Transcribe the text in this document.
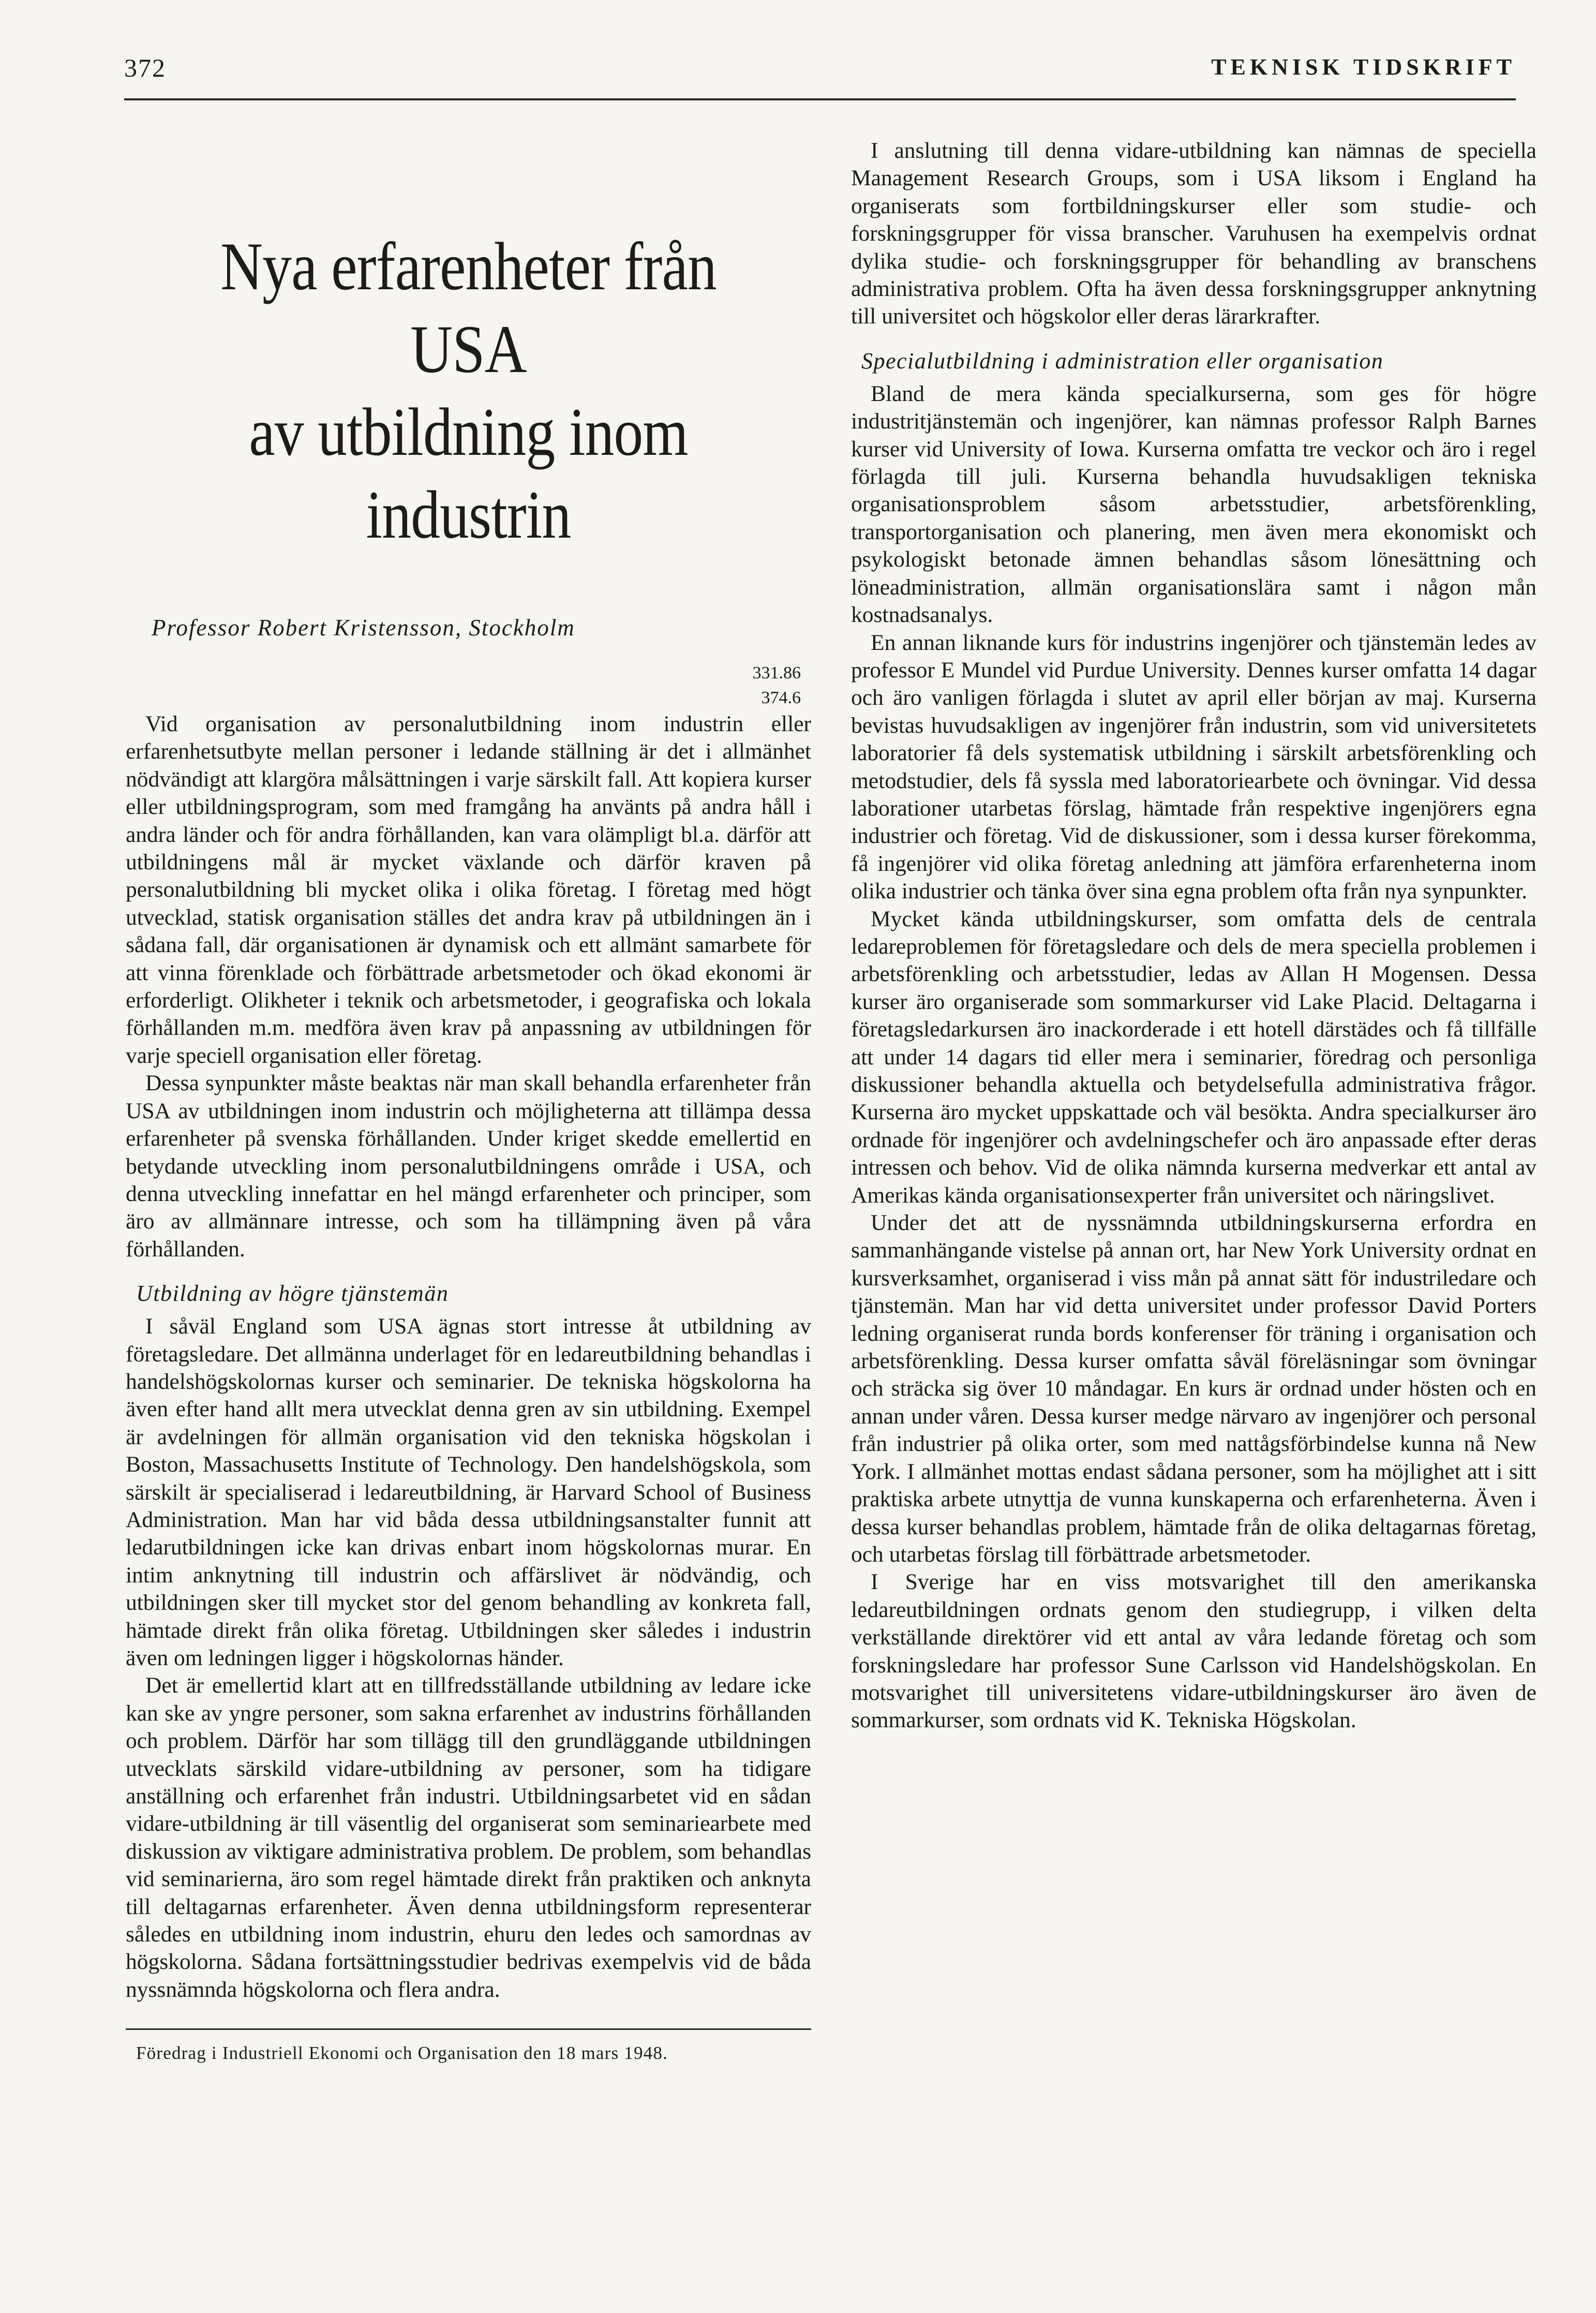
372	TEKNISK TIDSKRIFT
Nya erfarenheter från USA
av utbildning inom industrin
Professor Robert Kristensson, Stockholm
331.86
374.6

Vid organisation av personalutbildning inom industrin eller erfarenhetsutbyte mellan personer i ledande ställning är det i allmänhet nödvändigt att klargöra målsättningen i varje särskilt fall. Att kopiera kurser eller utbildningsprogram, som med framgång ha använts på andra håll i andra länder och för andra förhållanden, kan vara olämpligt bl.a. därför att utbildningens mål är mycket växlande och därför kraven på personalutbildning bli mycket olika i olika företag. I företag med högt utvecklad, statisk organisation ställes det andra krav på utbildningen än i sådana fall, där organisationen är dynamisk och ett allmänt samarbete för att vinna förenklade och förbättrade arbetsmetoder och ökad ekonomi är erforderligt. Olikheter i teknik och arbetsmetoder, i geografiska och lokala förhållanden m.m. medföra även krav på anpassning av utbildningen för varje speciell organisation eller företag.

Dessa synpunkter måste beaktas när man skall behandla erfarenheter från USA av utbildningen inom industrin och möjligheterna att tillämpa dessa erfarenheter på svenska förhållanden. Under kriget skedde emellertid en betydande utveckling inom personalutbildningens område i USA, och denna utveckling innefattar en hel mängd erfarenheter och principer, som äro av allmännare intresse, och som ha tillämpning även på våra förhållanden.

Utbildning av högre tjänstemän

I såväl England som USA ägnas stort intresse åt utbildning av företagsledare. Det allmänna underlaget för en ledareutbildning behandlas i handelshögskolornas kurser och seminarier. De tekniska högskolorna ha även efter hand allt mera utvecklat denna gren av sin utbildning. Exempel är avdelningen för allmän organisation vid den tekniska högskolan i Boston, Massachusetts Institute of Technology. Den handelshögskola, som särskilt är specialiserad i ledareutbildning, är Harvard School of Business Administration. Man har vid båda dessa utbildningsanstalter funnit att ledarutbildningen icke kan drivas enbart inom högskolornas murar. En intim anknytning till industrin och affärslivet är nödvändig, och utbildningen sker till mycket stor del genom behandling av konkreta fall, hämtade direkt från olika företag. Utbildningen sker således i industrin även om ledningen ligger i högskolornas händer.

Det är emellertid klart att en tillfredsställande utbildning av ledare icke kan ske av yngre personer, som sakna erfarenhet av industrins förhållanden och problem. Därför har som tillägg till den grundläggande utbildningen utvecklats särskild vidare-utbildning av personer, som ha tidigare anställning och erfarenhet från industri. Utbildningsarbetet vid en sådan vidare-utbildning är till väsentlig del organiserat som seminariearbete med diskussion av viktigare administrativa problem. De problem, som behandlas vid seminarierna, äro som regel hämtade direkt från praktiken och anknyta till deltagarnas erfarenheter. Även denna utbildningsform representerar således en utbildning inom industrin, ehuru den ledes och samordnas av högskolorna. Sådana fortsättningsstudier bedrivas exempelvis vid de båda nyssnämnda högskolorna och flera andra.

Föredrag i Industriell Ekonomi och Organisation den 18 mars 1948.

I anslutning till denna vidare-utbildning kan nämnas de speciella Management Research Groups, som i USA liksom i England ha organiserats som fortbildningskurser eller som studie- och forskningsgrupper för vissa branscher. Varuhusen ha exempelvis ordnat dylika studie- och forskningsgrupper för behandling av branschens administrativa problem. Ofta ha även dessa forskningsgrupper anknytning till universitet och högskolor eller deras lärarkrafter.

Specialutbildning i administration eller organisation

Bland de mera kända specialkurserna, som ges för högre industritjänstemän och ingenjörer, kan nämnas professor Ralph Barnes kurser vid University of Iowa. Kurserna omfatta tre veckor och äro i regel förlagda till juli. Kurserna behandla huvudsakligen tekniska organisationsproblem såsom arbetsstudier, arbetsförenkling, transportorganisation och planering, men även mera ekonomiskt och psykologiskt betonade ämnen behandlas såsom lönesättning och löneadministration, allmän organisationslära samt i någon mån kostnadsanalys.

En annan liknande kurs för industrins ingenjörer och tjänstemän ledes av professor E Mundel vid Purdue University. Dennes kurser omfatta 14 dagar och äro vanligen förlagda i slutet av april eller början av maj. Kurserna bevistas huvudsakligen av ingenjörer från industrin, som vid universitetets laboratorier få dels systematisk utbildning i särskilt arbetsförenkling och metodstudier, dels få syssla med laboratoriearbete och övningar. Vid dessa laborationer utarbetas förslag, hämtade från respektive ingenjörers egna industrier och företag. Vid de diskussioner, som i dessa kurser förekomma, få ingenjörer vid olika företag anledning att jämföra erfarenheterna inom olika industrier och tänka över sina egna problem ofta från nya synpunkter.

Mycket kända utbildningskurser, som omfatta dels de centrala ledareproblemen för företagsledare och dels de mera speciella problemen i arbetsförenkling och arbetsstudier, ledas av Allan H Mogensen. Dessa kurser äro organiserade som sommarkurser vid Lake Placid. Deltagarna i företagsledarkursen äro inackorderade i ett hotell därstädes och få tillfälle att under 14 dagars tid eller mera i seminarier, föredrag och personliga diskussioner behandla aktuella och betydelsefulla administrativa frågor. Kurserna äro mycket uppskattade och väl besökta. Andra specialkurser äro ordnade för ingenjörer och avdelningschefer och äro anpassade efter deras intressen och behov. Vid de olika nämnda kurserna medverkar ett antal av Amerikas kända organisationsexperter från universitet och näringslivet.

Under det att de nyssnämnda utbildningskurserna erfordra en sammanhängande vistelse på annan ort, har New York University ordnat en kursverksamhet, organiserad i viss mån på annat sätt för industriledare och tjänstemän. Man har vid detta universitet under professor David Porters ledning organiserat runda bords konferenser för träning i organisation och arbetsförenkling. Dessa kurser omfatta såväl föreläsningar som övningar och sträcka sig över 10 måndagar. En kurs är ordnad under hösten och en annan under våren. Dessa kurser medge närvaro av ingenjörer och personal från industrier på olika orter, som med nattågsförbindelse kunna nå New York. I allmänhet mottas endast sådana personer, som ha möjlighet att i sitt praktiska arbete utnyttja de vunna kunskaperna och erfarenheterna. Även i dessa kurser behandlas problem, hämtade från de olika deltagarnas företag, och utarbetas förslag till förbättrade arbetsmetoder.

I Sverige har en viss motsvarighet till den amerikanska ledareutbildningen ordnats genom den studiegrupp, i vilken delta verkställande direktörer vid ett antal av våra ledande företag och som forskningsledare har professor Sune Carlsson vid Handelshögskolan. En motsvarighet till universitetens vidare-utbildningskurser äro även de sommarkurser, som ordnats vid K. Tekniska Högskolan.
